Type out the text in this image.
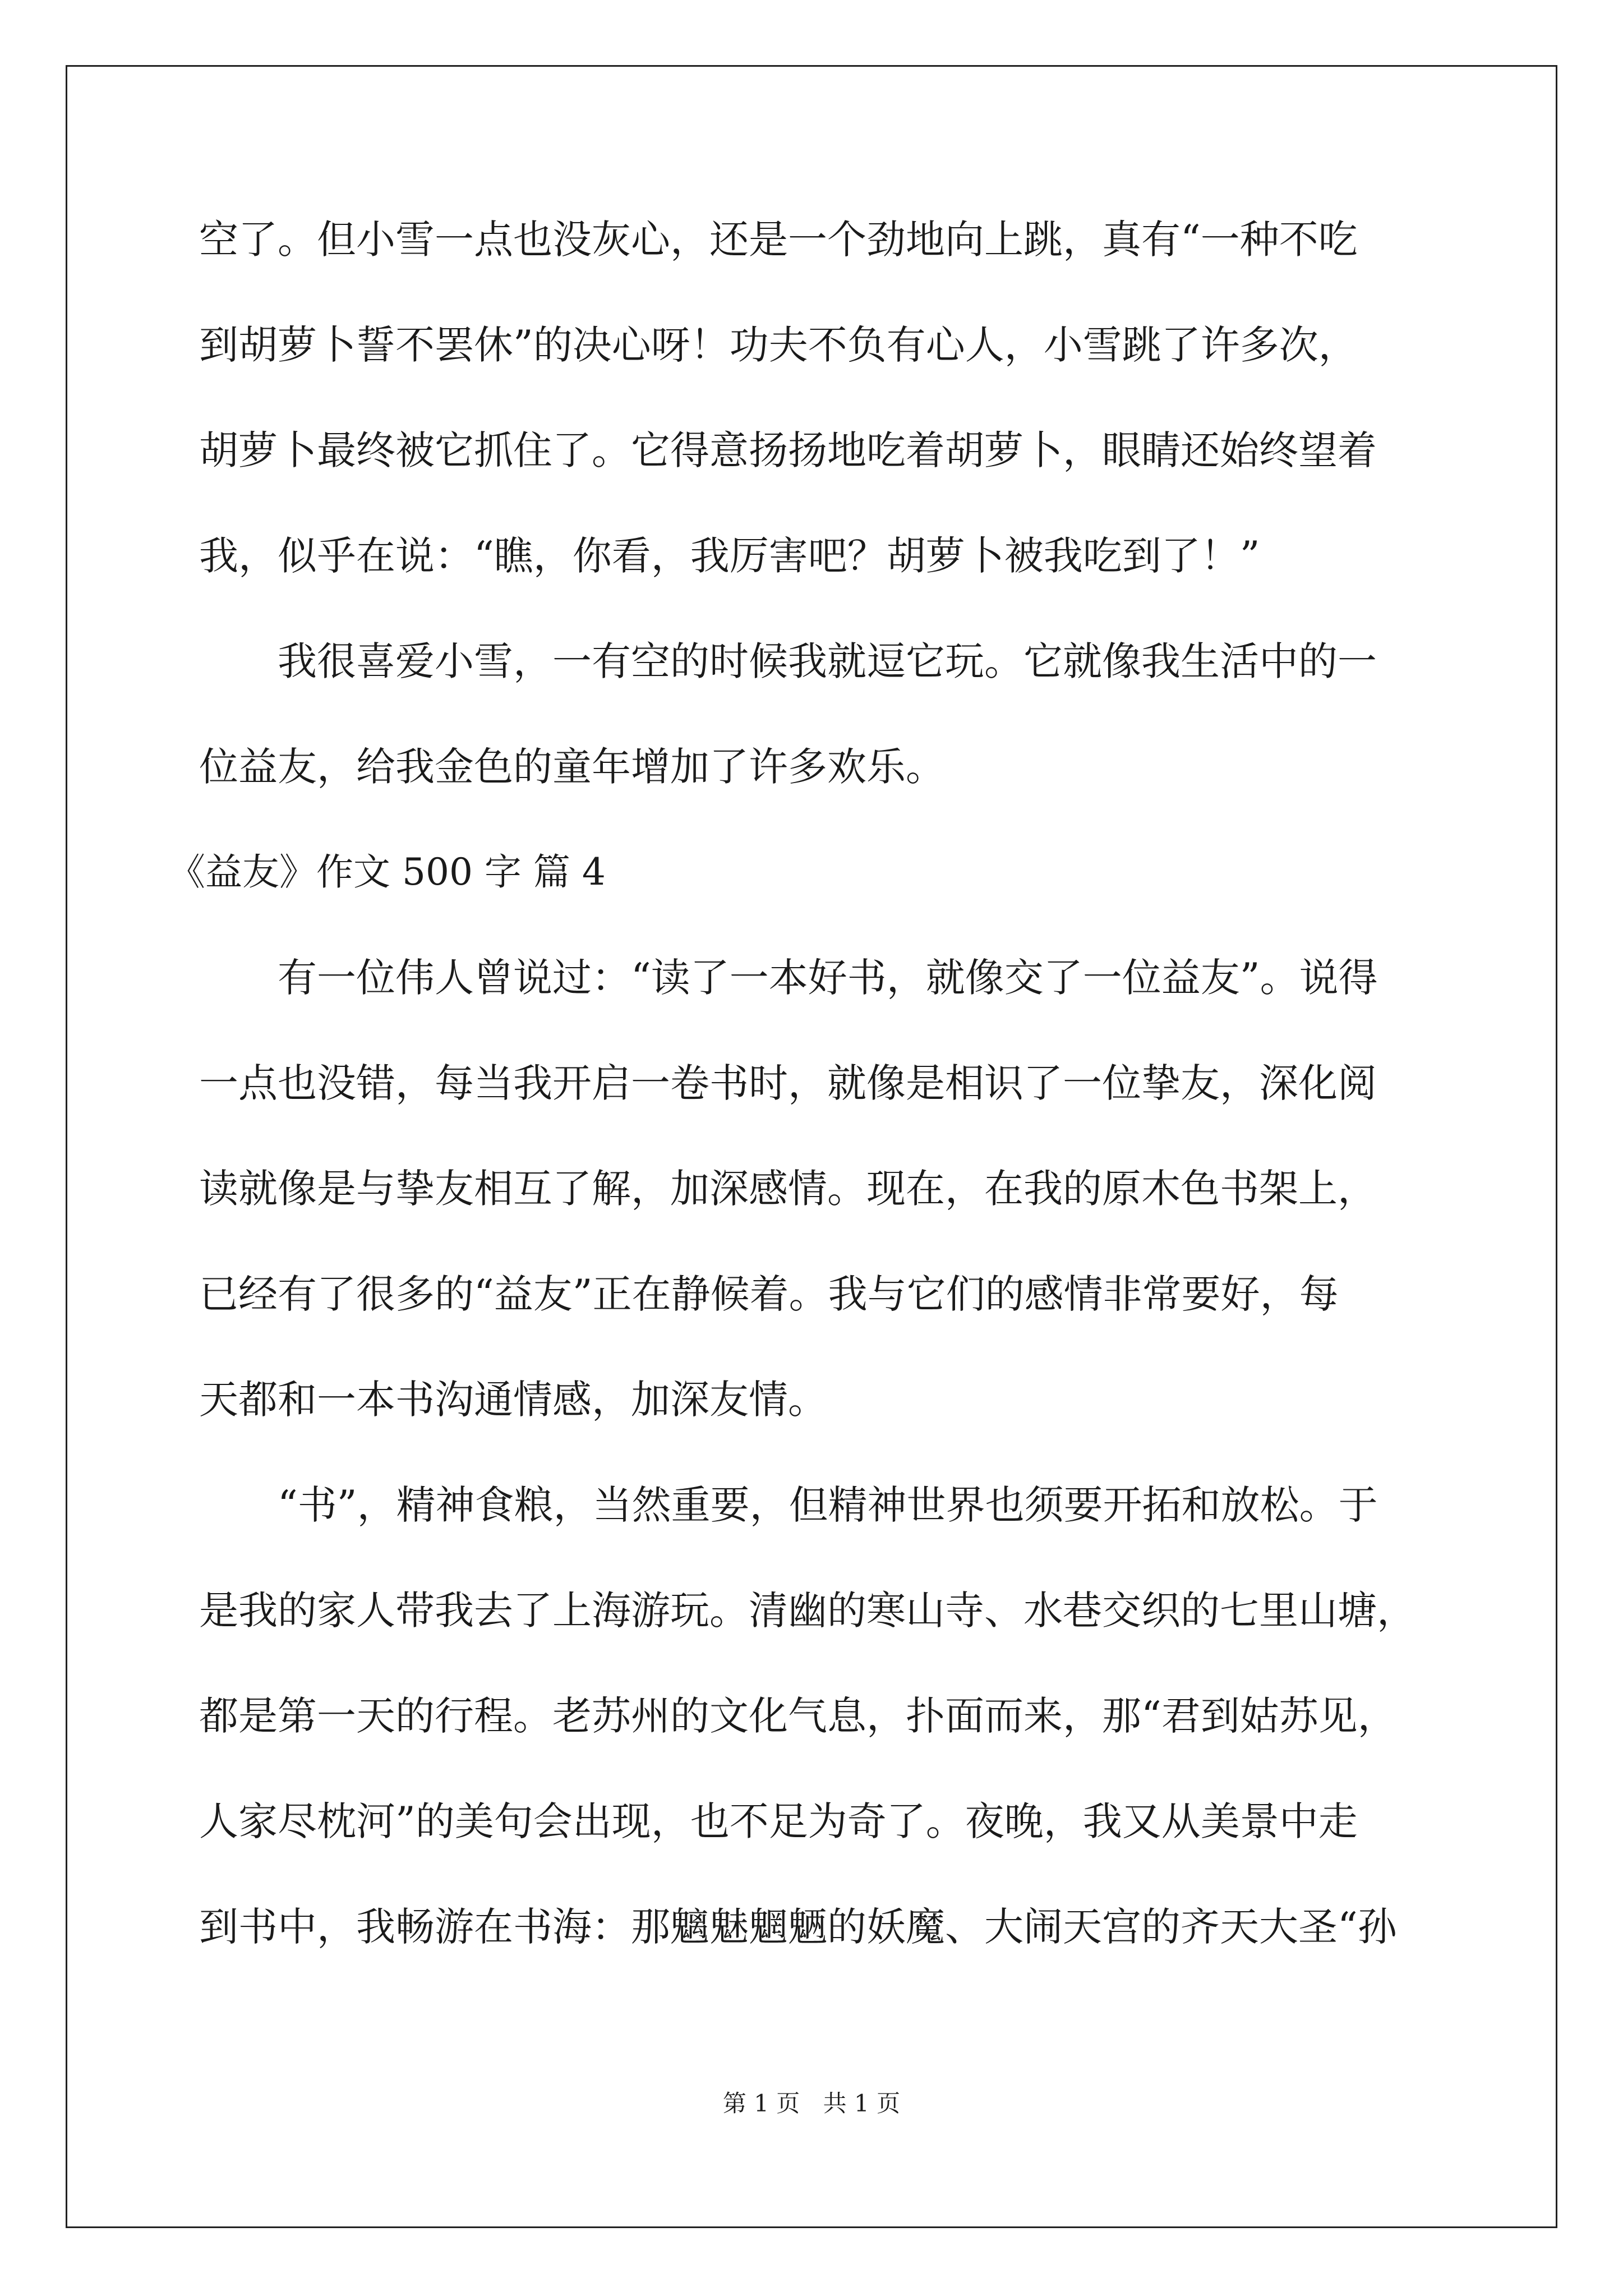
空了。但小雪一点也没灰心，还是一个劲地向上跳，真有“一种不吃

到胡萝卜誓不罢休”的决心呀！功夫不负有心人，小雪跳了许多次，

胡萝卜最终被它抓住了。它得意扬扬地吃着胡萝卜，眼睛还始终望着

我，似乎在说：“瞧，你看，我厉害吧？胡萝卜被我吃到了！”

　　我很喜爱小雪，一有空的时候我就逗它玩。它就像我生活中的一

位益友，给我金色的童年增加了许多欢乐。

《益友》作文 500 字 篇 4

　　有一位伟人曾说过：“读了一本好书，就像交了一位益友”。说得

一点也没错，每当我开启一卷书时，就像是相识了一位挚友，深化阅

读就像是与挚友相互了解，加深感情。现在，在我的原木色书架上，

已经有了很多的“益友”正在静候着。我与它们的感情非常要好，每

天都和一本书沟通情感，加深友情。

　　“书”，精神食粮，当然重要，但精神世界也须要开拓和放松。于

是我的家人带我去了上海游玩。清幽的寒山寺、水巷交织的七里山塘，

都是第一天的行程。老苏州的文化气息，扑面而来，那“君到姑苏见，

人家尽枕河”的美句会出现，也不足为奇了。夜晚，我又从美景中走

到书中，我畅游在书海：那魑魅魍魉的妖魔、大闹天宫的齐天大圣“孙

第 1 页 共 1 页
